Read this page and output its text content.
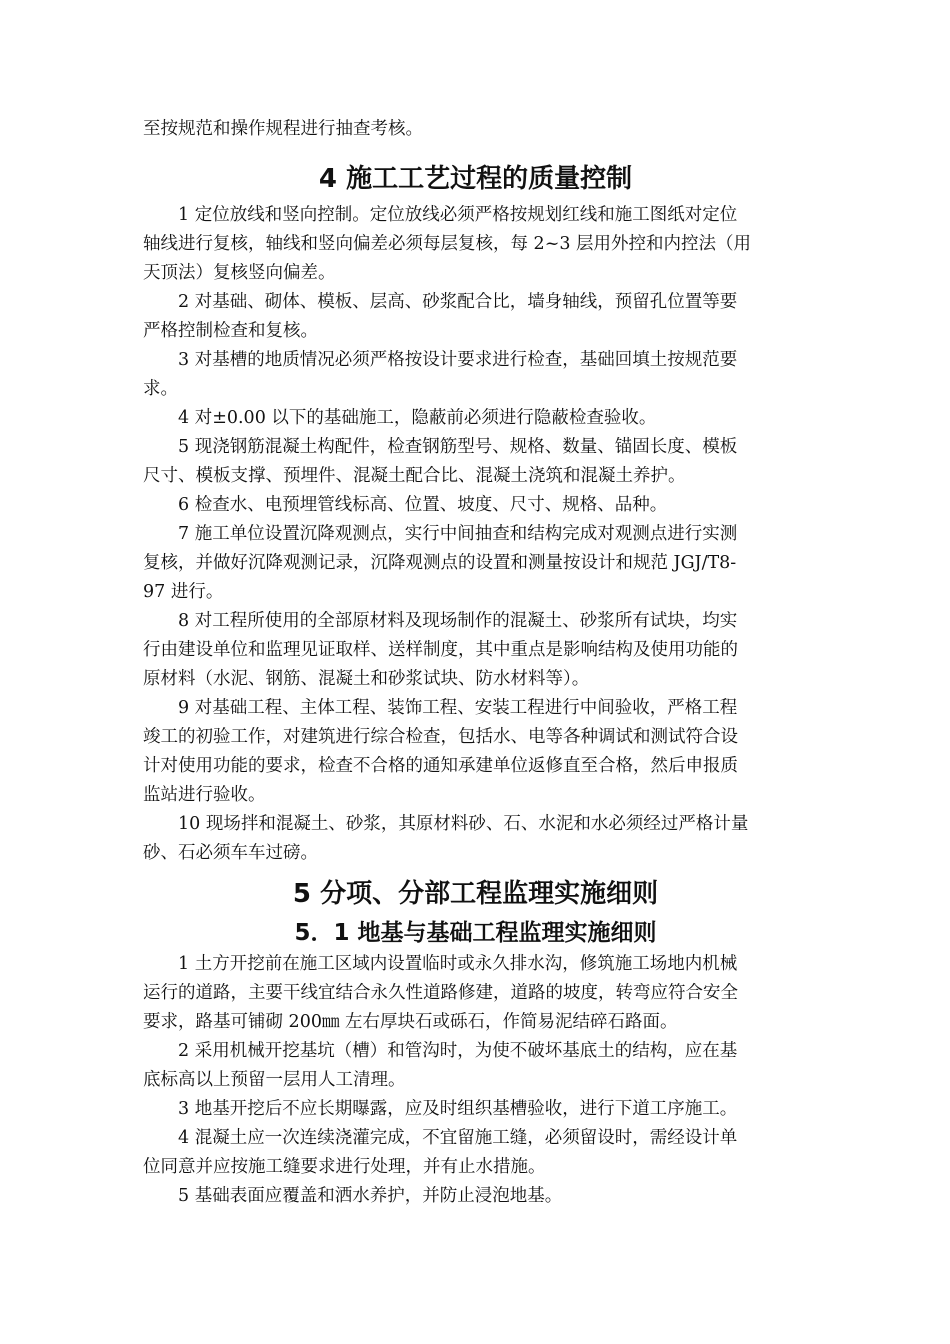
至按规范和操作规程进行抽查考核。
4 施工工艺过程的质量控制
1 定位放线和竖向控制。定位放线必须严格按规划红线和施工图纸对定位
轴线进行复核，轴线和竖向偏差必须每层复核，每 2~3 层用外控和内控法（用
天顶法）复核竖向偏差。
2 对基础、砌体、模板、层高、砂浆配合比，墙身轴线，预留孔位置等要
严格控制检查和复核。
3 对基槽的地质情况必须严格按设计要求进行检查，基础回填土按规范要
求。
4 对±0.00 以下的基础施工，隐蔽前必须进行隐蔽检查验收。
5 现浇钢筋混凝土构配件，检查钢筋型号、规格、数量、锚固长度、模板
尺寸、模板支撑、预埋件、混凝土配合比、混凝土浇筑和混凝土养护。
6 检查水、电预埋管线标高、位置、坡度、尺寸、规格、品种。
7 施工单位设置沉降观测点，实行中间抽查和结构完成对观测点进行实测
复核，并做好沉降观测记录，沉降观测点的设置和测量按设计和规范 JGJ/T8-
97 进行。
8 对工程所使用的全部原材料及现场制作的混凝土、砂浆所有试块，均实
行由建设单位和监理见证取样、送样制度，其中重点是影响结构及使用功能的
原材料（水泥、钢筋、混凝土和砂浆试块、防水材料等）。
9 对基础工程、主体工程、装饰工程、安装工程进行中间验收，严格工程
竣工的初验工作，对建筑进行综合检查，包括水、电等各种调试和测试符合设
计对使用功能的要求，检查不合格的通知承建单位返修直至合格，然后申报质
监站进行验收。
10 现场拌和混凝土、砂浆，其原材料砂、石、水泥和水必须经过严格计量
砂、石必须车车过磅。
5 分项、分部工程监理实施细则
5．1 地基与基础工程监理实施细则
1 土方开挖前在施工区域内设置临时或永久排水沟，修筑施工场地内机械
运行的道路，主要干线宜结合永久性道路修建，道路的坡度，转弯应符合安全
要求，路基可铺砌 200㎜ 左右厚块石或砾石，作简易泥结碎石路面。
2 采用机械开挖基坑（槽）和管沟时，为使不破坏基底土的结构，应在基
底标高以上预留一层用人工清理。
3 地基开挖后不应长期曝露，应及时组织基槽验收，进行下道工序施工。
4 混凝土应一次连续浇灌完成，不宜留施工缝，必须留设时，需经设计单
位同意并应按施工缝要求进行处理，并有止水措施。
5 基础表面应覆盖和洒水养护，并防止浸泡地基。
